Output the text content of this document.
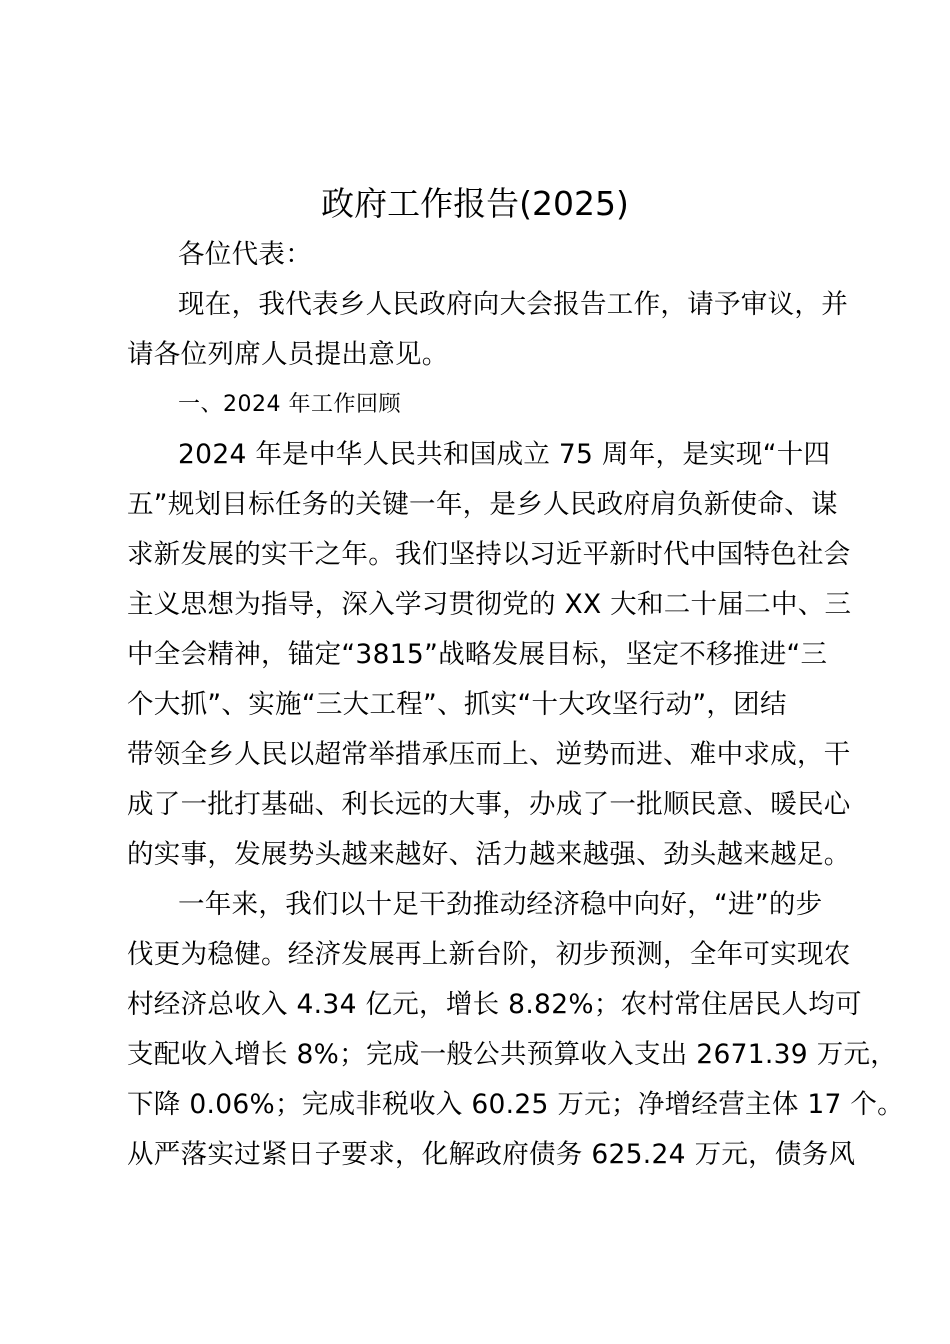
政府工作报告(2025)
各位代表：
现在，我代表乡人民政府向大会报告工作，请予审议，并
请各位列席人员提出意见。
一、2024 年工作回顾
2024 年是中华人民共和国成立 75 周年，是实现“十四
五”规划目标任务的关键一年，是乡人民政府肩负新使命、谋
求新发展的实干之年。我们坚持以习近平新时代中国特色社会
主义思想为指导，深入学习贯彻党的 XX 大和二十届二中、三
中全会精神，锚定“3815”战略发展目标，坚定不移推进“三
个大抓”、实施“三大工程”、抓实“十大攻坚行动”，团结
带领全乡人民以超常举措承压而上、逆势而进、难中求成，干
成了一批打基础、利长远的大事，办成了一批顺民意、暖民心
的实事，发展势头越来越好、活力越来越强、劲头越来越足。
一年来，我们以十足干劲推动经济稳中向好，“进”的步
伐更为稳健。经济发展再上新台阶，初步预测，全年可实现农
村经济总收入 4.34 亿元，增长 8.82%；农村常住居民人均可
支配收入增长 8%；完成一般公共预算收入支出 2671.39 万元，
下降 0.06%；完成非税收入 60.25 万元；净增经营主体 17 个。
从严落实过紧日子要求，化解政府债务 625.24 万元，债务风
